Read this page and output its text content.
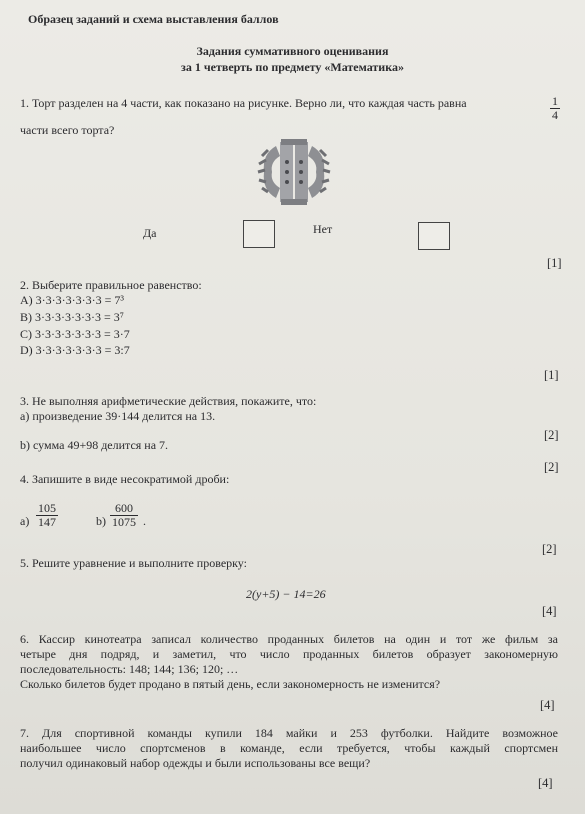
Образец заданий и схема выставления баллов
Задания суммативного оценивания
за 1 четверть по предмету «Математика»
1. Торт разделен на 4 части, как показано на рисунке. Верно ли, что каждая часть равна	$\frac{1}{4}$
части всего торта?
Да	Нет
[1]
2. Выберите правильное равенство:
A) 3·3·3·3·3·3·3 = 7³
B) 3·3·3·3·3·3·3 = 3⁷
C) 3·3·3·3·3·3·3 = 3·7
D) 3·3·3·3·3·3·3 = 3:7
[1]
3. Не выполняя арифметические действия, покажите, что:
a) произведение 39·144 делится на 13.
[2]
b) сумма 49+98 делится на 7.
[2]
4. Запишите в виде несократимой дроби:
$a) \frac{105}{147}$	$b) \frac{600}{1075}$ .
[2]
5. Решите уравнение и выполните проверку:
2(y+5) − 14=26
[4]
6. Кассир кинотеатра записал количество проданных билетов на один и тот же фильм за
четыре дня подряд, и заметил, что число проданных билетов образует закономерную
последовательность: 148; 144; 136; 120; …
Сколько билетов будет продано в пятый день, если закономерность не изменится?
[4]
7. Для спортивной команды купили 184 майки и 253 футболки. Найдите возможное
наибольшее число спортсменов в команде, если требуется, чтобы каждый спортсмен
получил одинаковый набор одежды и были использованы все вещи?
[4]
